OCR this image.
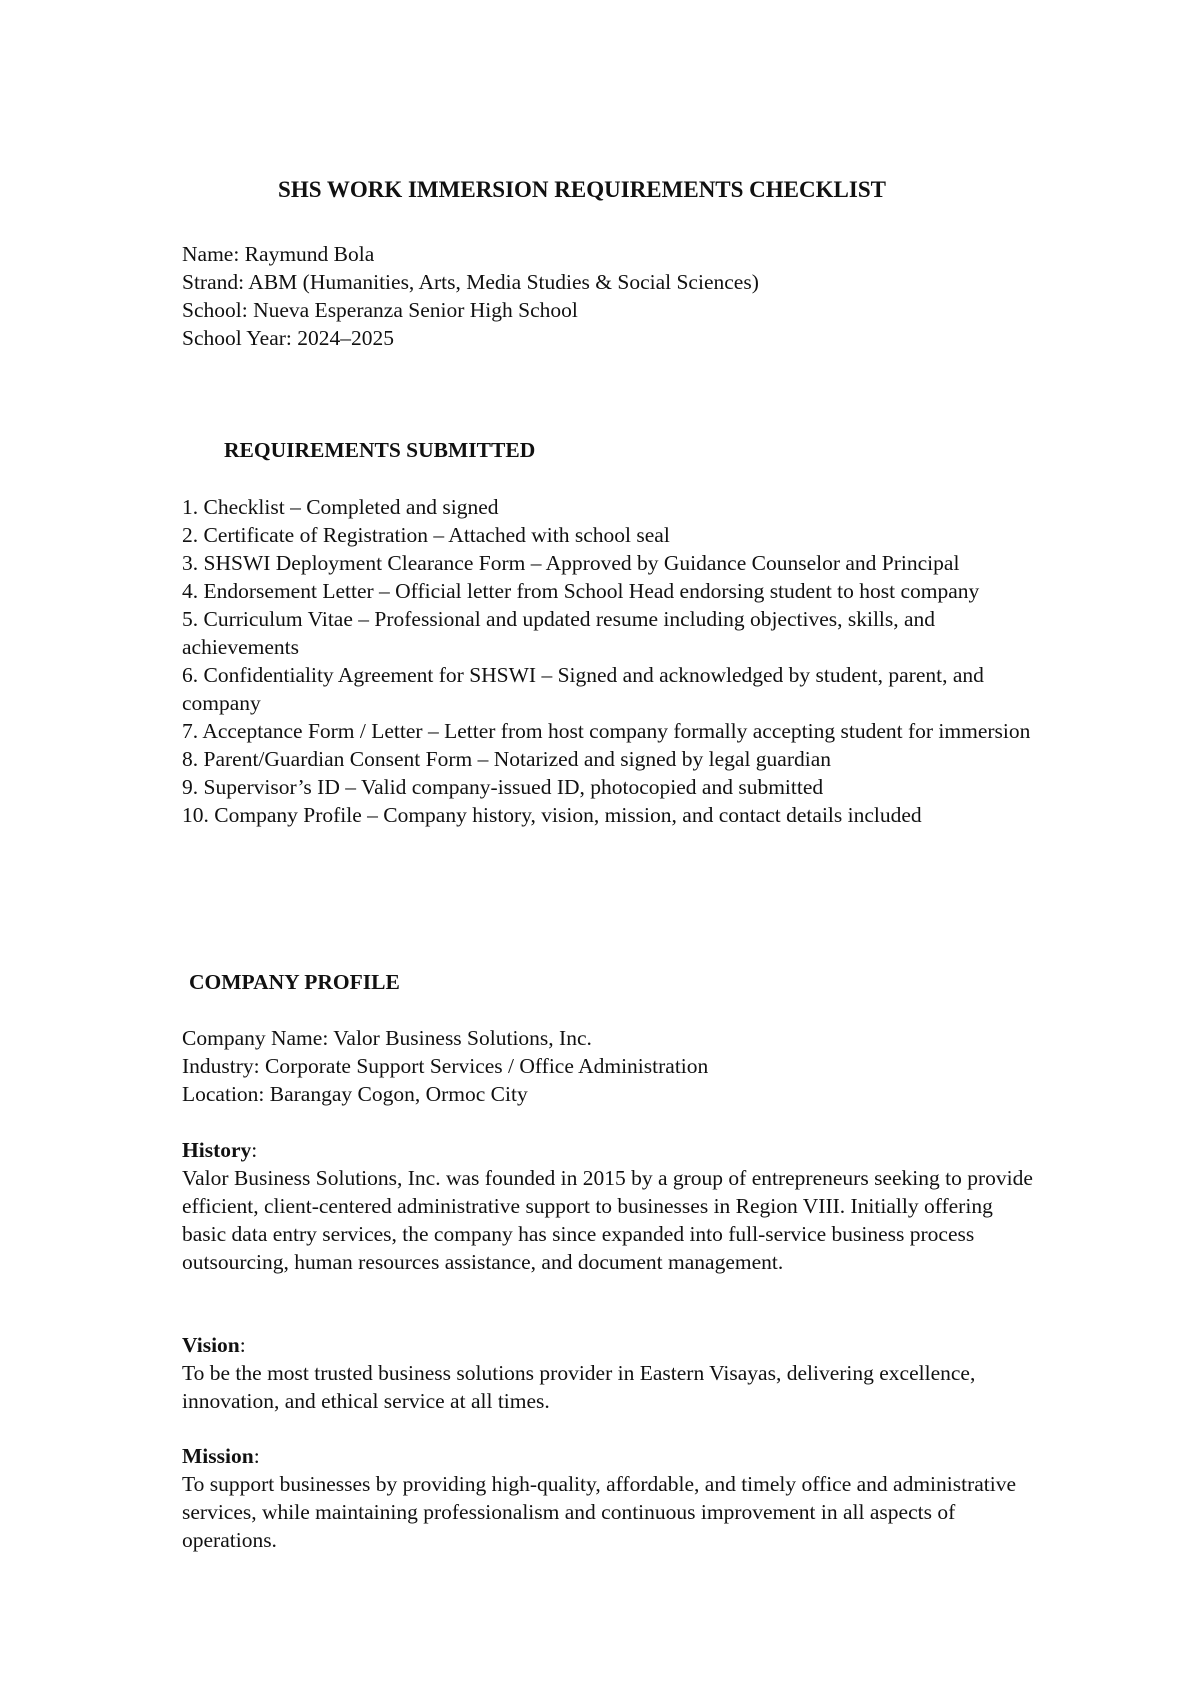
SHS WORK IMMERSION REQUIREMENTS CHECKLIST

Name: Raymund Bola

Strand: ABM (Humanities, Arts, Media Studies & Social Sciences)

School: Nueva Esperanza Senior High School

School Year: 2024–2025

REQUIREMENTS SUBMITTED
1. Checklist – Completed and signed
2. Certificate of Registration – Attached with school seal
3. SHSWI Deployment Clearance Form – Approved by Guidance Counselor and Principal
4. Endorsement Letter – Official letter from School Head endorsing student to host company
5. Curriculum Vitae – Professional and updated resume including objectives, skills, and achievements
6. Confidentiality Agreement for SHSWI – Signed and acknowledged by student, parent, and company
7. Acceptance Form / Letter – Letter from host company formally accepting student for immersion
8. Parent/Guardian Consent Form – Notarized and signed by legal guardian
9. Supervisor’s ID – Valid company-issued ID, photocopied and submitted
10. Company Profile – Company history, vision, mission, and contact details included
COMPANY PROFILE

Company Name: Valor Business Solutions, Inc.

Industry: Corporate Support Services / Office Administration

Location: Barangay Cogon, Ormoc City

History:

Valor Business Solutions, Inc. was founded in 2015 by a group of entrepreneurs seeking to provide efficient, client-centered administrative support to businesses in Region VIII. Initially offering basic data entry services, the company has since expanded into full-service business process outsourcing, human resources assistance, and document management.

Vision:

To be the most trusted business solutions provider in Eastern Visayas, delivering excellence, innovation, and ethical service at all times.

Mission:

To support businesses by providing high-quality, affordable, and timely office and administrative services, while maintaining professionalism and continuous improvement in all aspects of operations.
